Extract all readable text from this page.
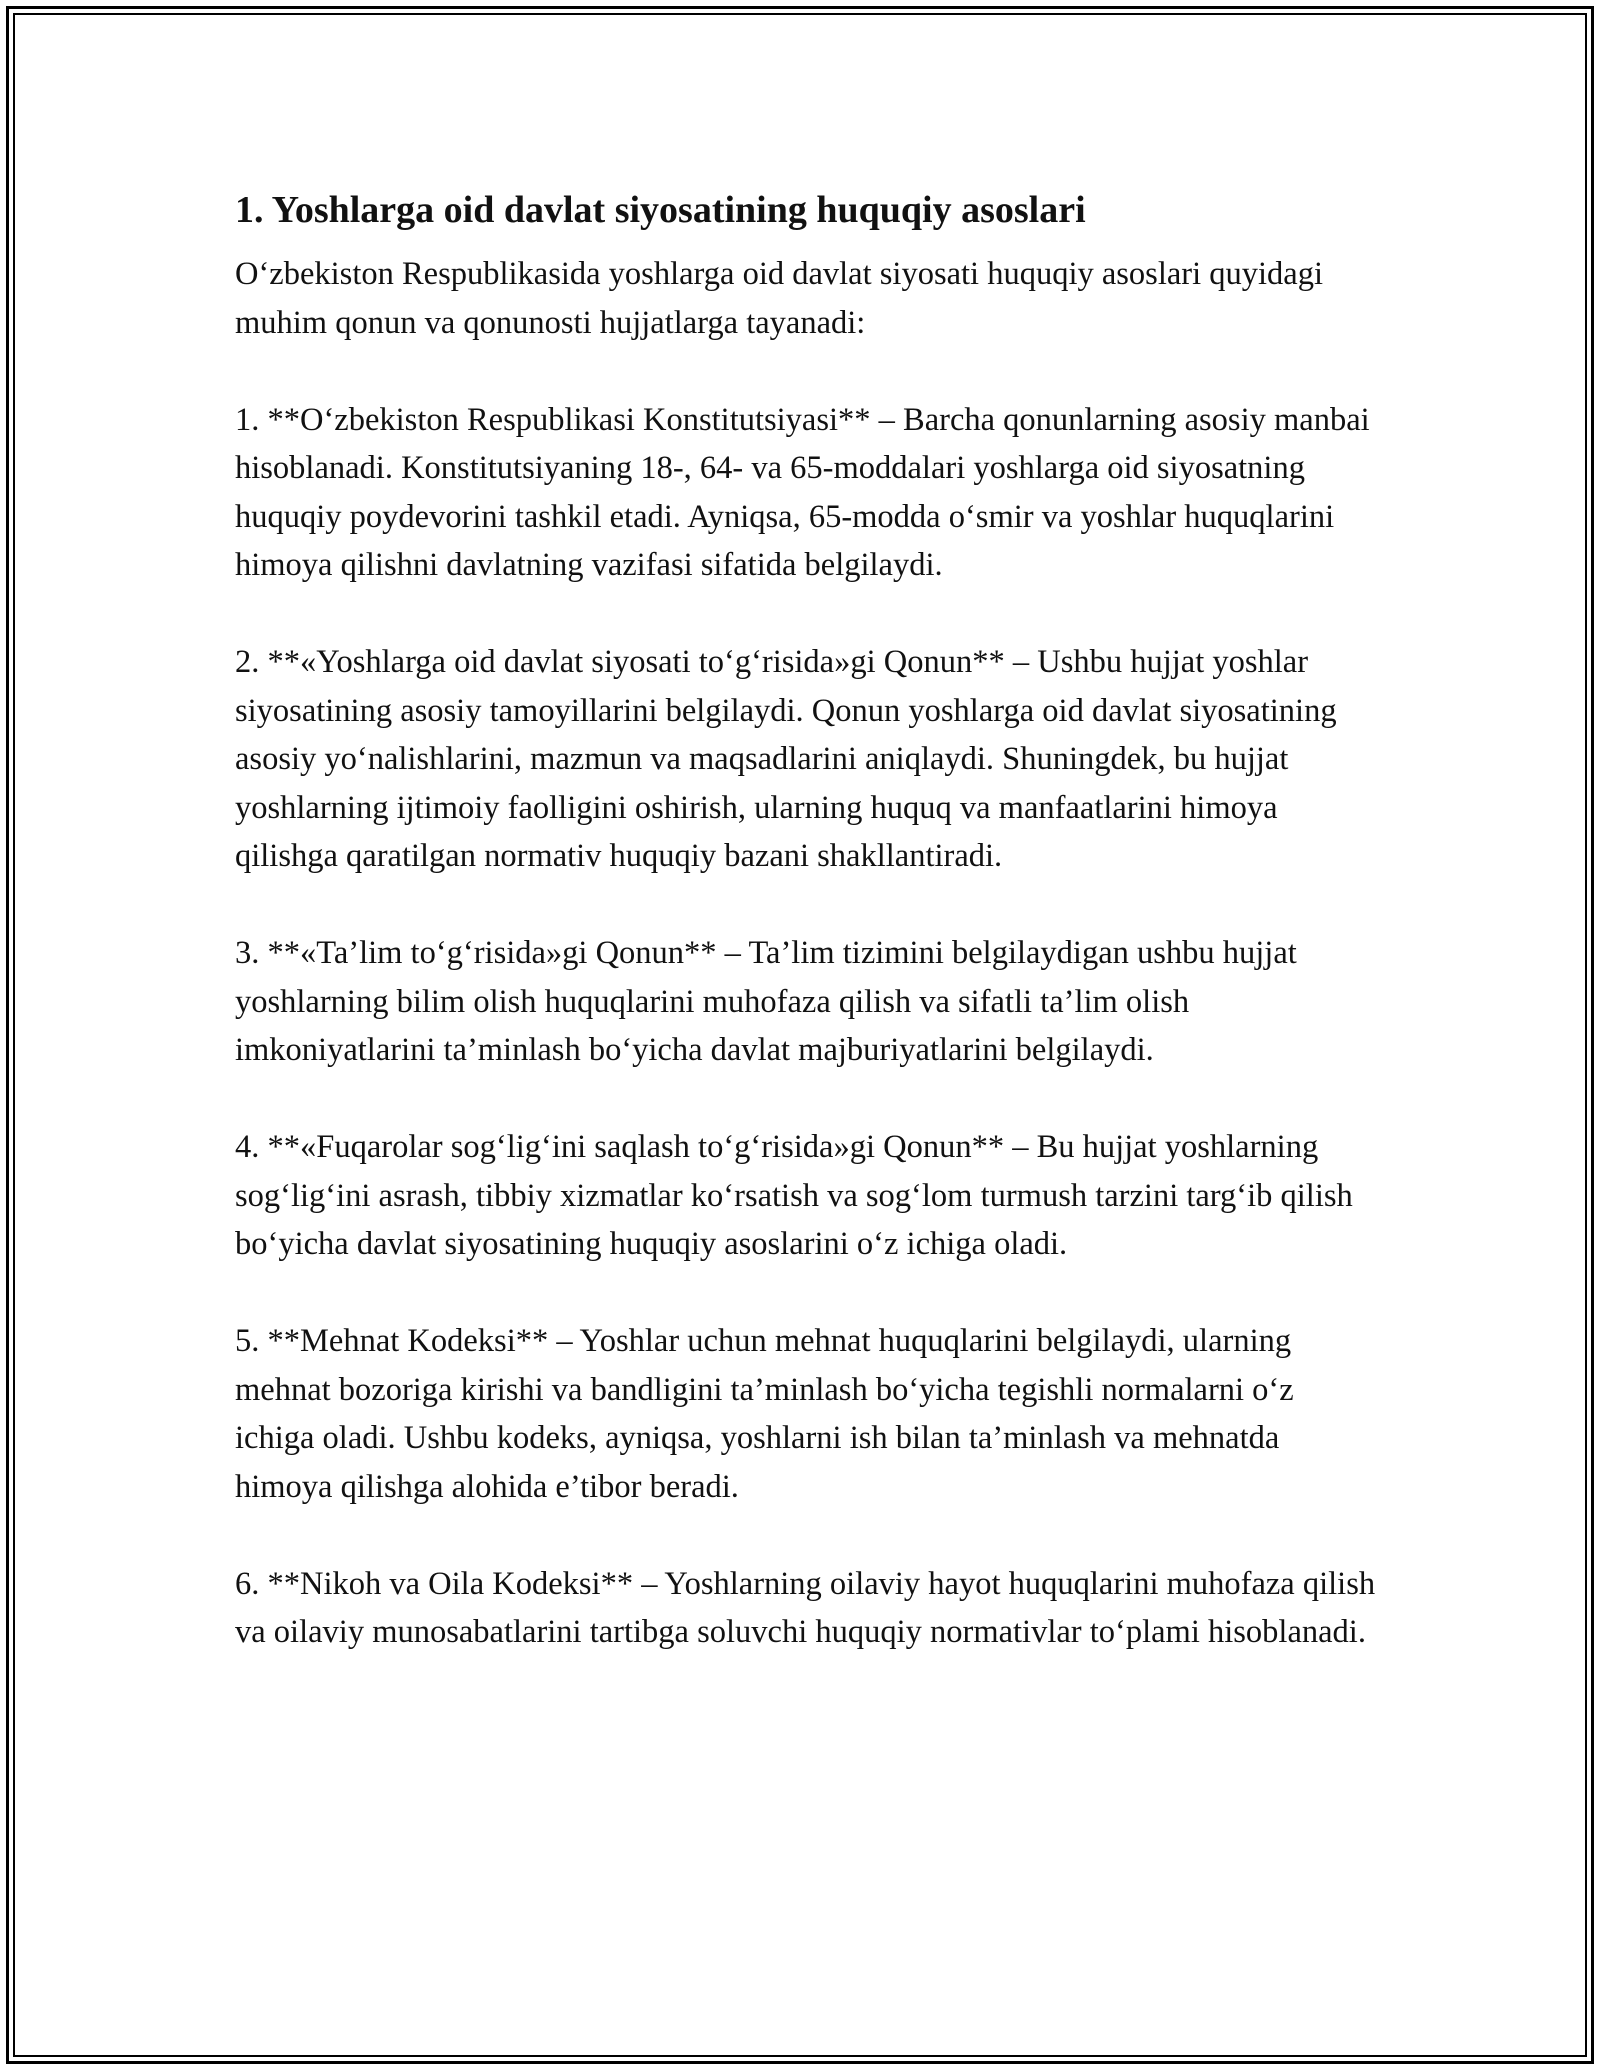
1. Yoshlarga oid davlat siyosatining huquqiy asoslari

O‘zbekiston Respublikasida yoshlarga oid davlat siyosati huquqiy asoslari quyidagi muhim qonun va qonunosti hujjatlarga tayanadi:

1. **O‘zbekiston Respublikasi Konstitutsiyasi** – Barcha qonunlarning asosiy manbai hisoblanadi. Konstitutsiyaning 18-, 64- va 65-moddalari yoshlarga oid siyosatning huquqiy poydevorini tashkil etadi. Ayniqsa, 65-modda o‘smir va yoshlar huquqlarini himoya qilishni davlatning vazifasi sifatida belgilaydi.

2. **«Yoshlarga oid davlat siyosati to‘g‘risida»gi Qonun** – Ushbu hujjat yoshlar siyosatining asosiy tamoyillarini belgilaydi. Qonun yoshlarga oid davlat siyosatining asosiy yo‘nalishlarini, mazmun va maqsadlarini aniqlaydi. Shuningdek, bu hujjat yoshlarning ijtimoiy faolligini oshirish, ularning huquq va manfaatlarini himoya qilishga qaratilgan normativ huquqiy bazani shakllantiradi.

3. **«Ta’lim to‘g‘risida»gi Qonun** – Ta’lim tizimini belgilaydigan ushbu hujjat yoshlarning bilim olish huquqlarini muhofaza qilish va sifatli ta’lim olish imkoniyatlarini ta’minlash bo‘yicha davlat majburiyatlarini belgilaydi.

4. **«Fuqarolar sog‘lig‘ini saqlash to‘g‘risida»gi Qonun** – Bu hujjat yoshlarning sog‘lig‘ini asrash, tibbiy xizmatlar ko‘rsatish va sog‘lom turmush tarzini targ‘ib qilish bo‘yicha davlat siyosatining huquqiy asoslarini o‘z ichiga oladi.

5. **Mehnat Kodeksi** – Yoshlar uchun mehnat huquqlarini belgilaydi, ularning mehnat bozoriga kirishi va bandligini ta’minlash bo‘yicha tegishli normalarni o‘z ichiga oladi. Ushbu kodeks, ayniqsa, yoshlarni ish bilan ta’minlash va mehnatda himoya qilishga alohida e’tibor beradi.

6. **Nikoh va Oila Kodeksi** – Yoshlarning oilaviy hayot huquqlarini muhofaza qilish va oilaviy munosabatlarini tartibga soluvchi huquqiy normativlar to‘plami hisoblanadi.
